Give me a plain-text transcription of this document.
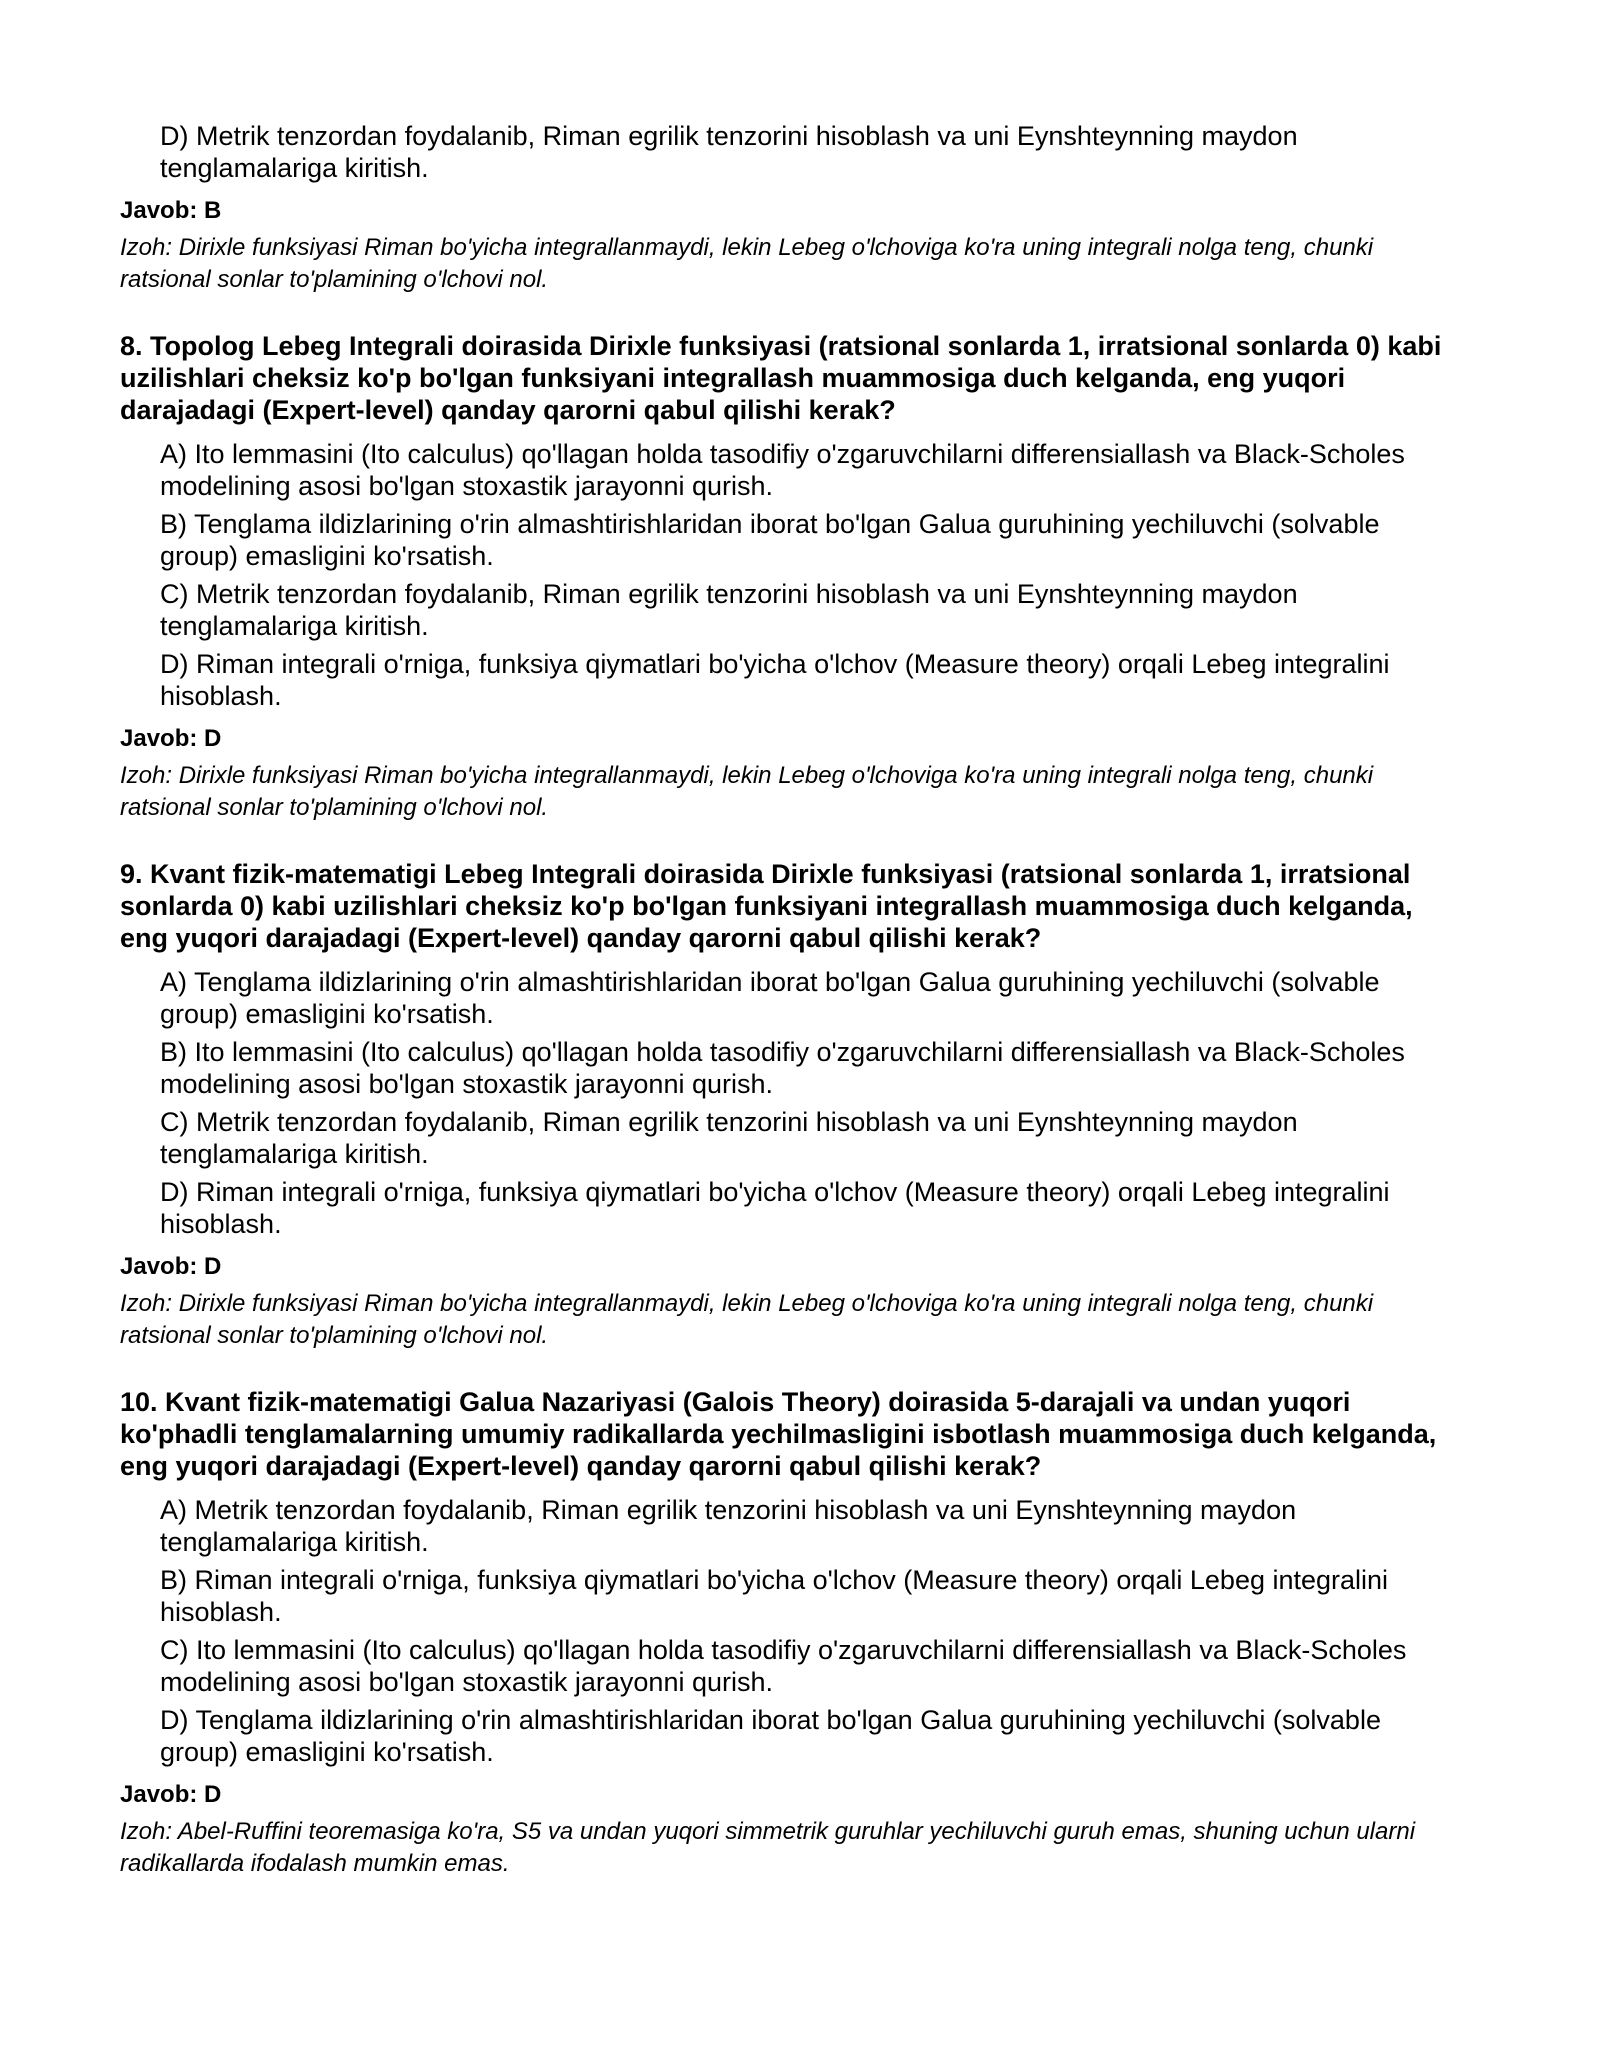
D) Metrik tenzordan foydalanib, Riman egrilik tenzorini hisoblash va uni Eynshteynning maydon tenglamalariga kiritish.

Javob: B

Izoh: Dirixle funksiyasi Riman bo'yicha integrallanmaydi, lekin Lebeg o'lchoviga ko'ra uning integrali nolga teng, chunki ratsional sonlar to'plamining o'lchovi nol.

8. Topolog Lebeg Integrali doirasida Dirixle funksiyasi (ratsional sonlarda 1, irratsional sonlarda 0) kabi uzilishlari cheksiz ko'p bo'lgan funksiyani integrallash muammosiga duch kelganda, eng yuqori darajadagi (Expert-level) qanday qarorni qabul qilishi kerak?

A) Ito lemmasini (Ito calculus) qo'llagan holda tasodifiy o'zgaruvchilarni differensiallash va Black-Scholes modelining asosi bo'lgan stoxastik jarayonni qurish.

B) Tenglama ildizlarining o'rin almashtirishlaridan iborat bo'lgan Galua guruhining yechiluvchi (solvable group) emasligini ko'rsatish.

C) Metrik tenzordan foydalanib, Riman egrilik tenzorini hisoblash va uni Eynshteynning maydon tenglamalariga kiritish.

D) Riman integrali o'rniga, funksiya qiymatlari bo'yicha o'lchov (Measure theory) orqali Lebeg integralini hisoblash.

Javob: D

Izoh: Dirixle funksiyasi Riman bo'yicha integrallanmaydi, lekin Lebeg o'lchoviga ko'ra uning integrali nolga teng, chunki ratsional sonlar to'plamining o'lchovi nol.

9. Kvant fizik-matematigi Lebeg Integrali doirasida Dirixle funksiyasi (ratsional sonlarda 1, irratsional sonlarda 0) kabi uzilishlari cheksiz ko'p bo'lgan funksiyani integrallash muammosiga duch kelganda, eng yuqori darajadagi (Expert-level) qanday qarorni qabul qilishi kerak?

A) Tenglama ildizlarining o'rin almashtirishlaridan iborat bo'lgan Galua guruhining yechiluvchi (solvable group) emasligini ko'rsatish.

B) Ito lemmasini (Ito calculus) qo'llagan holda tasodifiy o'zgaruvchilarni differensiallash va Black-Scholes modelining asosi bo'lgan stoxastik jarayonni qurish.

C) Metrik tenzordan foydalanib, Riman egrilik tenzorini hisoblash va uni Eynshteynning maydon tenglamalariga kiritish.

D) Riman integrali o'rniga, funksiya qiymatlari bo'yicha o'lchov (Measure theory) orqali Lebeg integralini hisoblash.

Javob: D

Izoh: Dirixle funksiyasi Riman bo'yicha integrallanmaydi, lekin Lebeg o'lchoviga ko'ra uning integrali nolga teng, chunki ratsional sonlar to'plamining o'lchovi nol.

10. Kvant fizik-matematigi Galua Nazariyasi (Galois Theory) doirasida 5-darajali va undan yuqori ko'phadli tenglamalarning umumiy radikallarda yechilmasligini isbotlash muammosiga duch kelganda, eng yuqori darajadagi (Expert-level) qanday qarorni qabul qilishi kerak?

A) Metrik tenzordan foydalanib, Riman egrilik tenzorini hisoblash va uni Eynshteynning maydon tenglamalariga kiritish.

B) Riman integrali o'rniga, funksiya qiymatlari bo'yicha o'lchov (Measure theory) orqali Lebeg integralini hisoblash.

C) Ito lemmasini (Ito calculus) qo'llagan holda tasodifiy o'zgaruvchilarni differensiallash va Black-Scholes modelining asosi bo'lgan stoxastik jarayonni qurish.

D) Tenglama ildizlarining o'rin almashtirishlaridan iborat bo'lgan Galua guruhining yechiluvchi (solvable group) emasligini ko'rsatish.

Javob: D

Izoh: Abel-Ruffini teoremasiga ko'ra, S5 va undan yuqori simmetrik guruhlar yechiluvchi guruh emas, shuning uchun ularni radikallarda ifodalash mumkin emas.
